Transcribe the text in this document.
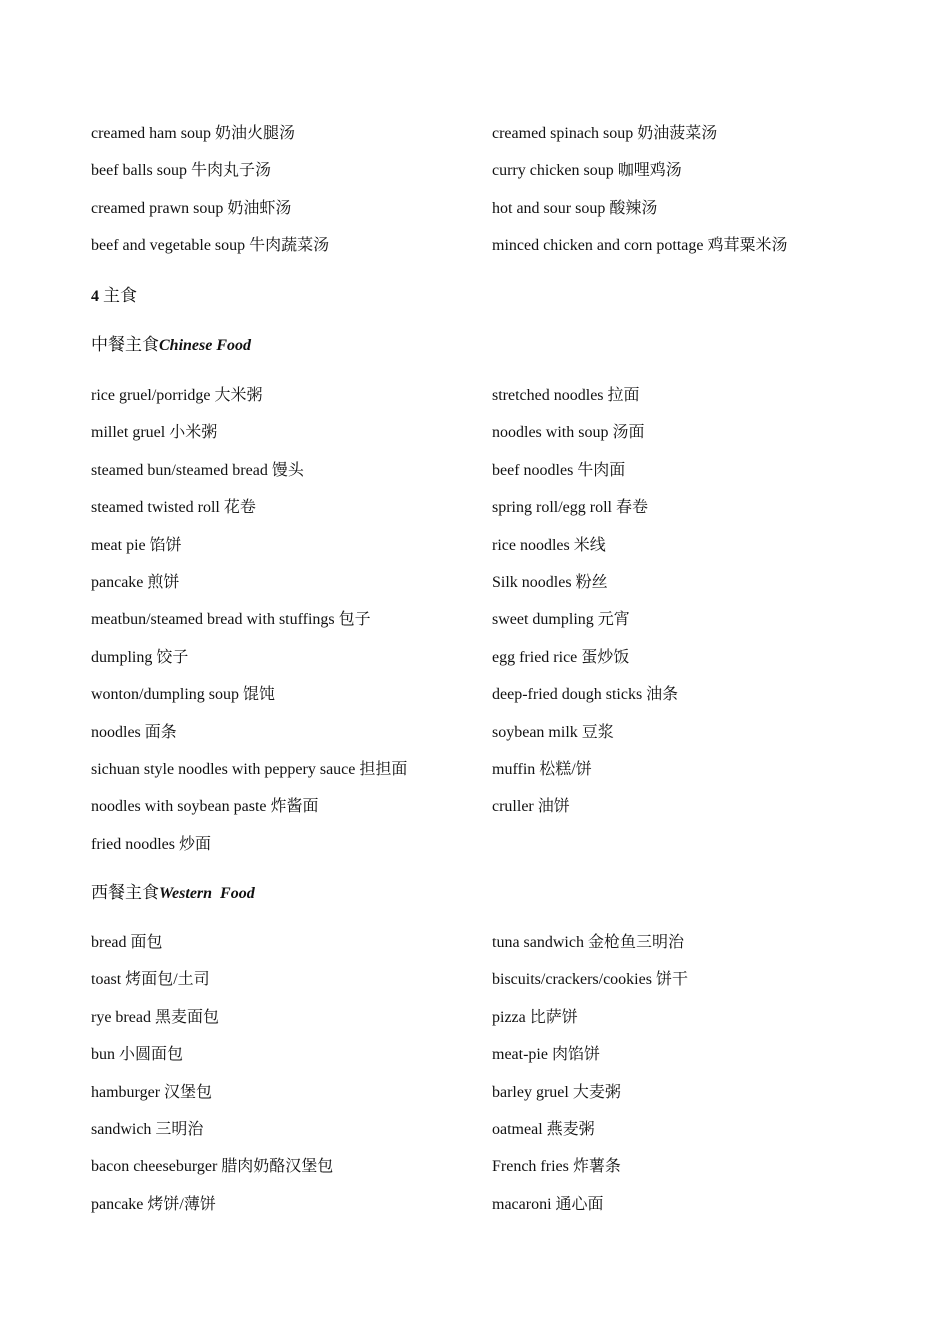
creamed ham soup 奶油火腿汤	creamed spinach soup 奶油菠菜汤
beef balls soup 牛肉丸子汤	curry chicken soup 咖哩鸡汤
creamed prawn soup 奶油虾汤	hot and sour soup 酸辣汤
beef and vegetable soup 牛肉蔬菜汤	minced chicken and corn pottage 鸡茸粟米汤
4 主食
中餐主食Chinese Food
rice gruel/porridge 大米粥	stretched noodles 拉面
millet gruel 小米粥	noodles with soup 汤面
steamed bun/steamed bread 馒头	beef noodles 牛肉面
steamed twisted roll 花卷	spring roll/egg roll 春卷
meat pie 馅饼	rice noodles 米线
pancake 煎饼	Silk noodles 粉丝
meatbun/steamed bread with stuffings 包子	sweet dumpling 元宵
dumpling 饺子	egg fried rice 蛋炒饭
wonton/dumpling soup 馄饨	deep-fried dough sticks 油条
noodles 面条	soybean milk 豆浆
sichuan style noodles with peppery sauce 担担面	muffin 松糕/饼
noodles with soybean paste 炸酱面	cruller 油饼
fried noodles 炒面
西餐主食Western  Food
bread 面包	tuna sandwich 金枪鱼三明治
toast 烤面包/土司	biscuits/crackers/cookies 饼干
rye bread 黑麦面包	pizza 比萨饼
bun 小圆面包	meat-pie 肉馅饼
hamburger 汉堡包	barley gruel 大麦粥
sandwich 三明治	oatmeal 燕麦粥
bacon cheeseburger 腊肉奶酪汉堡包	French fries 炸薯条
pancake 烤饼/薄饼	macaroni 通心面
